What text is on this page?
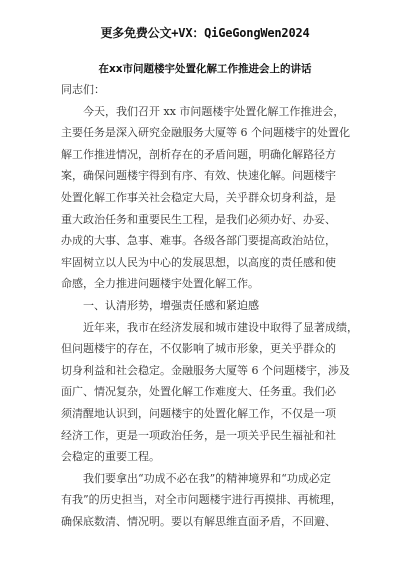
更多免费公文+VX：QiGeGongWen2024
在xx市问题楼宇处置化解工作推进会上的讲话
同志们：
今天，我们召开 xx 市问题楼宇处置化解工作推进会，
主要任务是深入研究金融服务大厦等 6 个问题楼宇的处置化
解工作推进情况，剖析存在的矛盾问题，明确化解路径方
案，确保问题楼宇得到有序、有效、快速化解。问题楼宇
处置化解工作事关社会稳定大局，关乎群众切身利益，是
重大政治任务和重要民生工程，是我们必须办好、办妥、
办成的大事、急事、难事。各级各部门要提高政治站位，
牢固树立以人民为中心的发展思想，以高度的责任感和使
命感，全力推进问题楼宇处置化解工作。
一、认清形势，增强责任感和紧迫感
近年来，我市在经济发展和城市建设中取得了显著成绩，
但问题楼宇的存在，不仅影响了城市形象，更关乎群众的
切身利益和社会稳定。金融服务大厦等 6 个问题楼宇，涉及
面广、情况复杂，处置化解工作难度大、任务重。我们必
须清醒地认识到，问题楼宇的处置化解工作，不仅是一项
经济工作，更是一项政治任务，是一项关乎民生福祉和社
会稳定的重要工程。
我们要拿出“功成不必在我”的精神境界和“功成必定
有我”的历史担当，对全市问题楼宇进行再摸排、再梳理，
确保底数清、情况明。要以有解思维直面矛盾，不回避、
